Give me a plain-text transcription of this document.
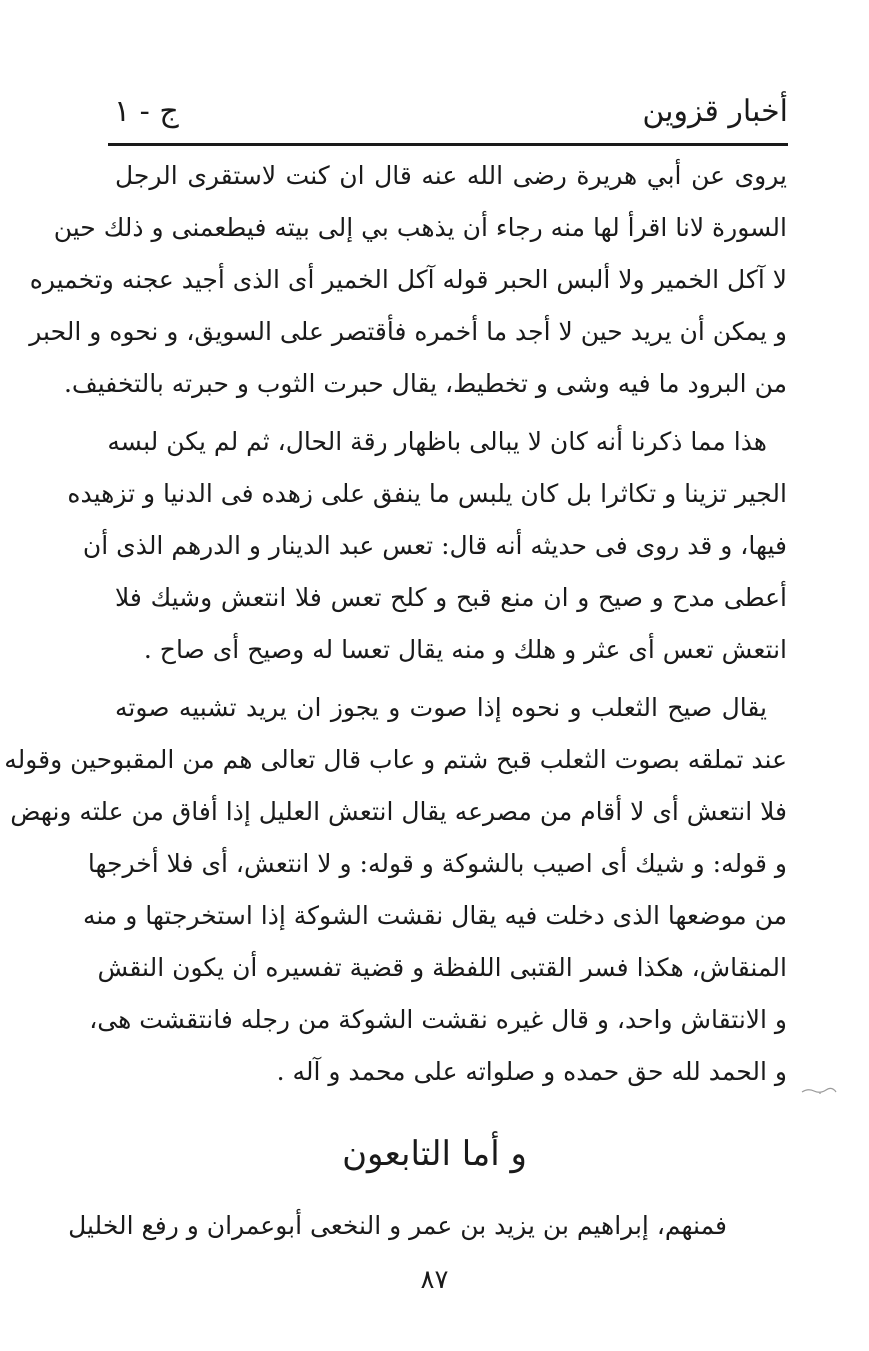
أخبار قزوين
ج - ١
يروى عن أبي هريرة رضى الله عنه قال ان كنت لاستقرى الرجل
السورة لانا اقرأ لها منه رجاء أن يذهب بي إلى بيته فيطعمنى و ذلك حين
لا آكل الخمير ولا ألبس الحبر قوله آكل الخمير أى الذى أجيد عجنه وتخميره
و يمكن أن يريد حين لا أجد ما أخمره فأقتصر على السويق، و نحوه و الحبر
من البرود ما فيه وشى و تخطيط، يقال حبرت الثوب و حبرته بالتخفيف.
هذا مما ذكرنا أنه كان لا يبالى باظهار رقة الحال، ثم لم يكن لبسه
الجير تزينا و تكاثرا بل كان يلبس ما ينفق على زهده فى الدنيا و تزهيده
فيها، و قد روى فى حديثه أنه قال: تعس عبد الدينار و الدرهم الذى أن
أعطى مدح و صيح و ان منع قبح و كلح تعس فلا انتعش وشيك فلا
انتعش تعس أى عثر و هلك و منه يقال تعسا له وصيح أى صاح .
يقال صيح الثعلب و نحوه إذا صوت و يجوز ان يريد تشبيه صوته
عند تملقه بصوت الثعلب قبح شتم و عاب قال تعالى هم من المقبوحين وقوله
فلا انتعش أى لا أقام من مصرعه يقال انتعش العليل إذا أفاق من علته ونهض
و قوله: و شيك أى اصيب بالشوكة و قوله: و لا انتعش، أى فلا أخرجها
من موضعها الذى دخلت فيه يقال نقشت الشوكة إذا استخرجتها و منه
المنقاش، هكذا فسر القتبى اللفظة و قضية تفسيره أن يكون النقش
و الانتقاش واحد، و قال غيره نقشت الشوكة من رجله فانتقشت هى،
و الحمد لله حق حمده و صلواته على محمد و آله .
و أما التابعون
فمنهم، إبراهيم بن يزيد بن عمر و النخعى أبوعمران و رفع الخليل
٨٧
